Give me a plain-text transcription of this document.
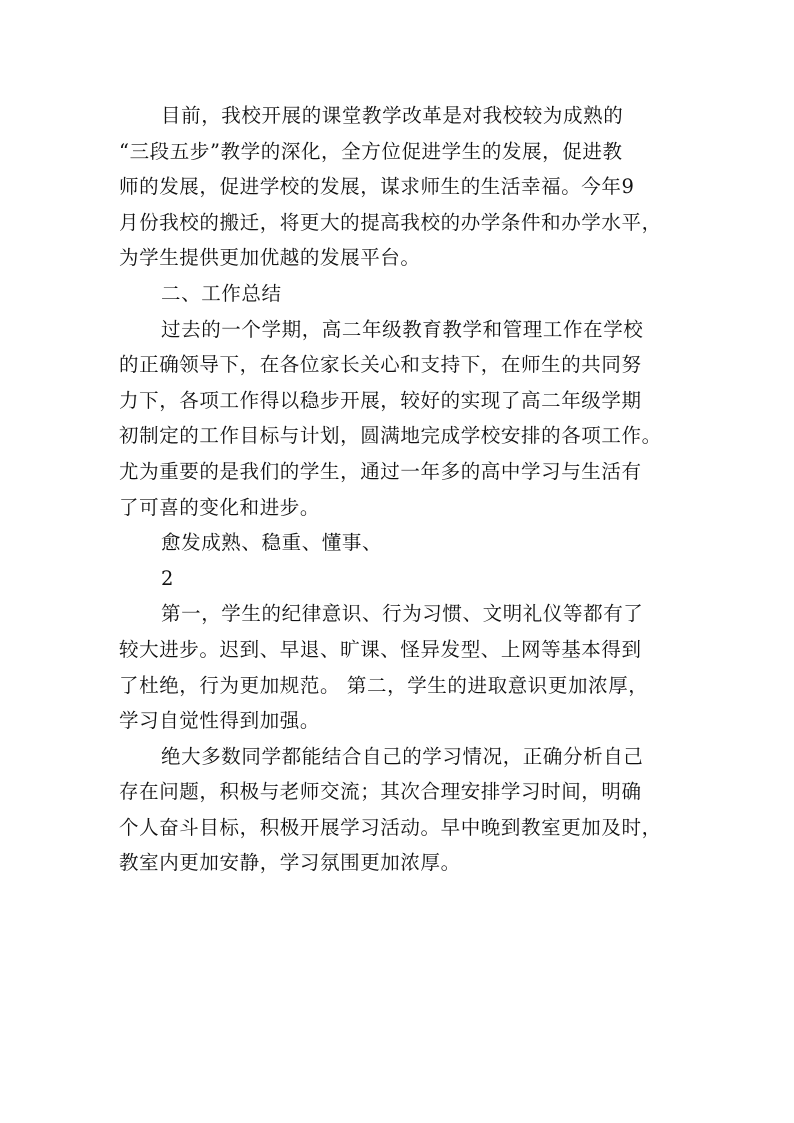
目前，我校开展的课堂教学改革是对我校较为成熟的
“三段五步”教学的深化，全方位促进学生的发展，促进教
师的发展，促进学校的发展，谋求师生的生活幸福。今年9
月份我校的搬迁，将更大的提高我校的办学条件和办学水平，
为学生提供更加优越的发展平台。
二、工作总结
过去的一个学期，高二年级教育教学和管理工作在学校
的正确领导下，在各位家长关心和支持下，在师生的共同努
力下，各项工作得以稳步开展，较好的实现了高二年级学期
初制定的工作目标与计划，圆满地完成学校安排的各项工作。
尤为重要的是我们的学生，通过一年多的高中学习与生活有
了可喜的变化和进步。
愈发成熟、稳重、懂事、
2
第一，学生的纪律意识、行为习惯、文明礼仪等都有了
较大进步。迟到、早退、旷课、怪异发型、上网等基本得到
了杜绝，行为更加规范。 第二，学生的进取意识更加浓厚，
学习自觉性得到加强。
绝大多数同学都能结合自己的学习情况，正确分析自己
存在问题，积极与老师交流；其次合理安排学习时间，明确
个人奋斗目标，积极开展学习活动。早中晚到教室更加及时，
教室内更加安静，学习氛围更加浓厚。
